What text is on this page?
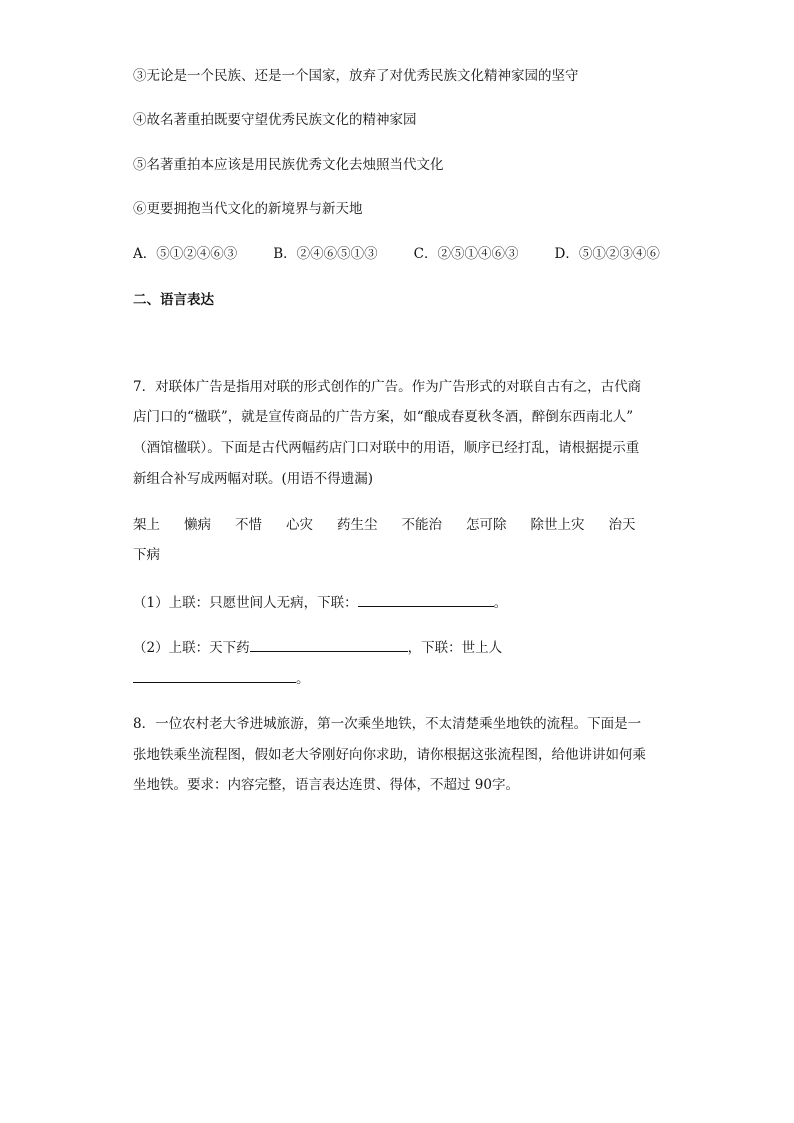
③无论是一个民族、还是一个国家，放弃了对优秀民族文化精神家园的坚守
④故名著重拍既要守望优秀民族文化的精神家园
⑤名著重拍本应该是用民族优秀文化去烛照当代文化
⑥更要拥抱当代文化的新境界与新天地
A．⑤①②④⑥③	B．②④⑥⑤①③	C．②⑤①④⑥③	D．⑤①②③④⑥
二、语言表达
7．对联体广告是指用对联的形式创作的广告。作为广告形式的对联自古有之，古代商
店门口的“楹联”，就是宣传商品的广告方案，如“酿成春夏秋冬酒，醉倒东西南北人”
（酒馆楹联）。下面是古代两幅药店门口对联中的用语，顺序已经打乱，请根据提示重
新组合补写成两幅对联。(用语不得遗漏)
架上 懒病 不惜 心灾 药生尘 不能治 怎可除 除世上灾 治天
下病
（1）上联：只愿世间人无病，下联：	。
（2）上联：天下药	，下联：世上人
。
8．一位农村老大爷进城旅游，第一次乘坐地铁，不太清楚乘坐地铁的流程。下面是一
张地铁乘坐流程图，假如老大爷刚好向你求助，请你根据这张流程图，给他讲讲如何乘
坐地铁。要求：内容完整，语言表达连贯、得体，不超过 90字。
